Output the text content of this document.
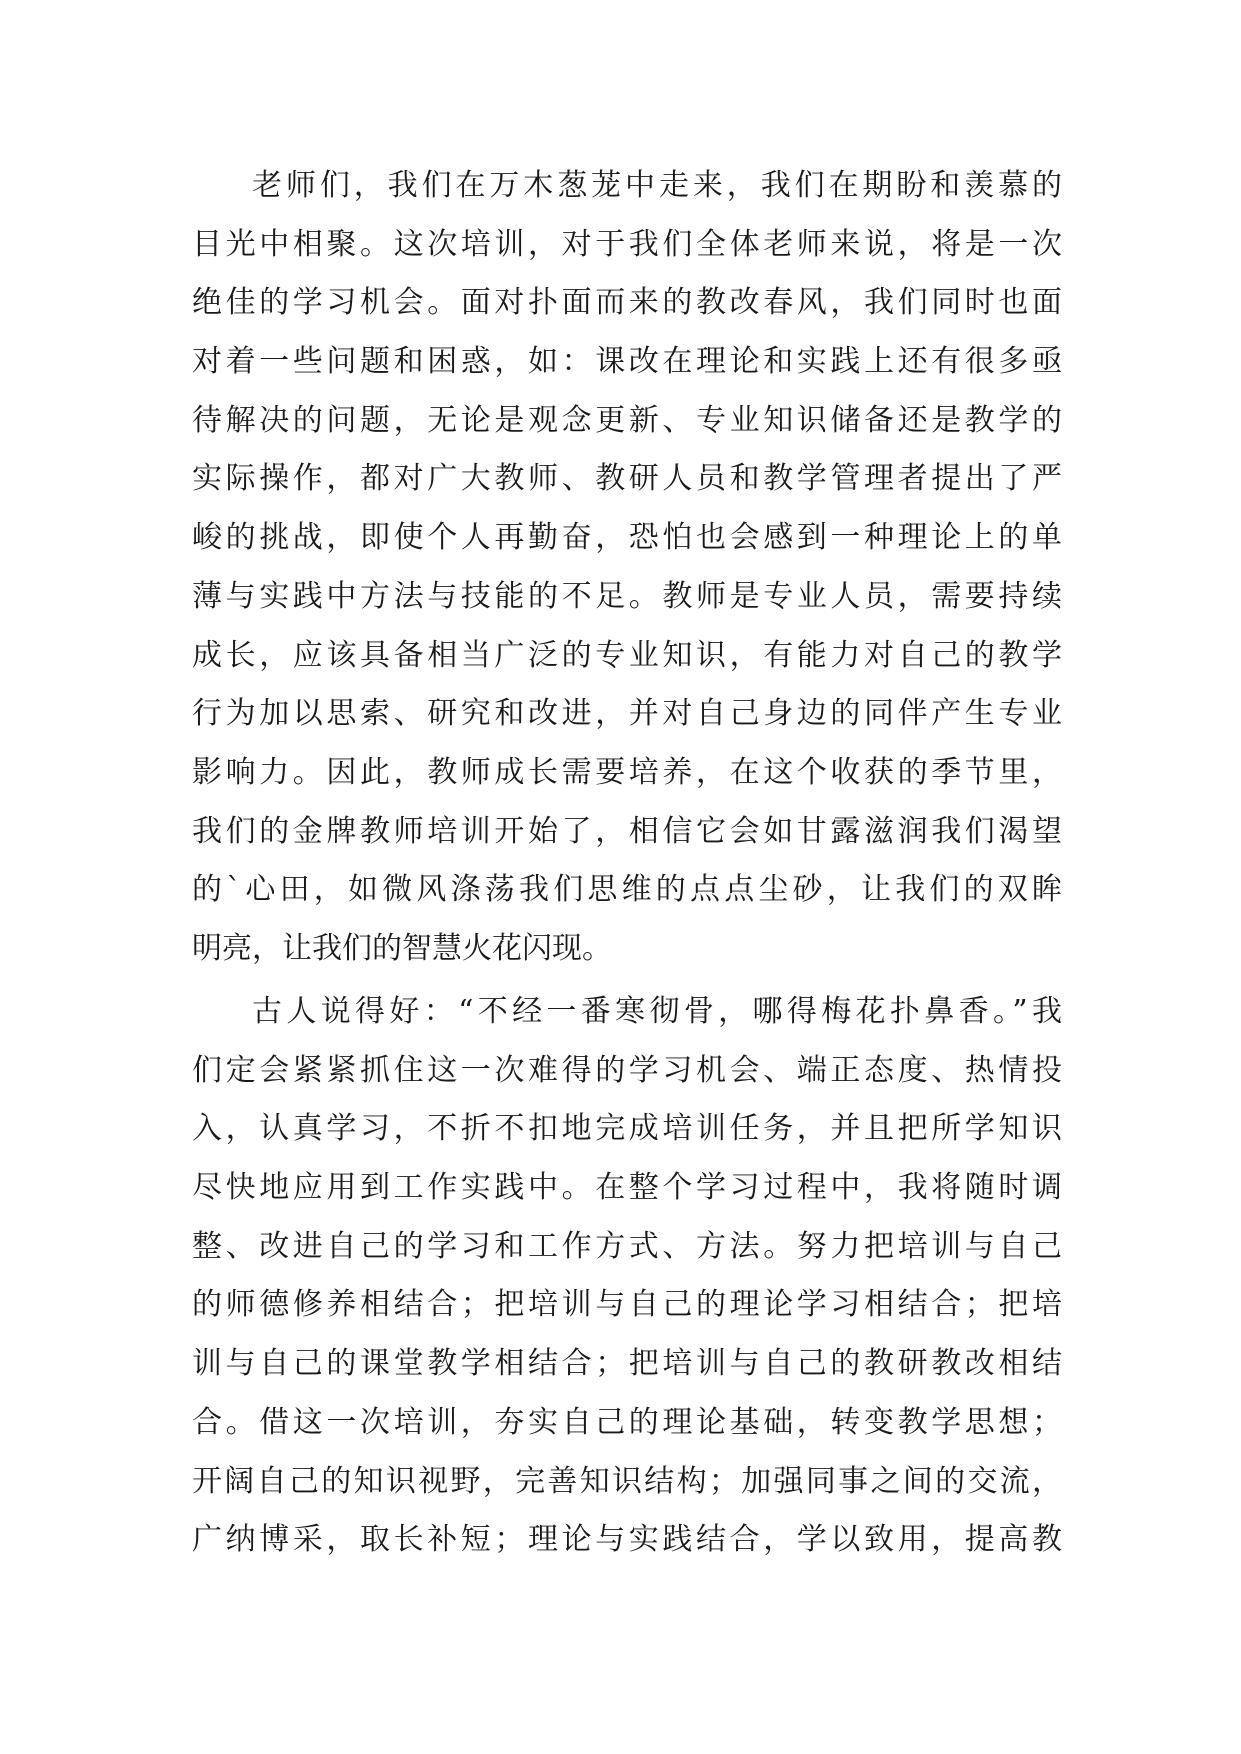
老师们，我们在万木葱茏中走来，我们在期盼和羡慕的
目光中相聚。这次培训，对于我们全体老师来说，将是一次
绝佳的学习机会。面对扑面而来的教改春风，我们同时也面
对着一些问题和困惑，如：课改在理论和实践上还有很多亟
待解决的问题，无论是观念更新、专业知识储备还是教学的
实际操作，都对广大教师、教研人员和教学管理者提出了严
峻的挑战，即使个人再勤奋，恐怕也会感到一种理论上的单
薄与实践中方法与技能的不足。教师是专业人员，需要持续
成长，应该具备相当广泛的专业知识，有能力对自己的教学
行为加以思索、研究和改进，并对自己身边的同伴产生专业
影响力。因此，教师成长需要培养，在这个收获的季节里，
我们的金牌教师培训开始了，相信它会如甘露滋润我们渴望
的`心田，如微风涤荡我们思维的点点尘砂，让我们的双眸
明亮，让我们的智慧火花闪现。
古人说得好：“不经一番寒彻骨，哪得梅花扑鼻香。”我
们定会紧紧抓住这一次难得的学习机会、端正态度、热情投
入，认真学习，不折不扣地完成培训任务，并且把所学知识
尽快地应用到工作实践中。在整个学习过程中，我将随时调
整、改进自己的学习和工作方式、方法。努力把培训与自己
的师德修养相结合；把培训与自己的理论学习相结合；把培
训与自己的课堂教学相结合；把培训与自己的教研教改相结
合。借这一次培训，夯实自己的理论基础，转变教学思想；
开阔自己的知识视野，完善知识结构；加强同事之间的交流，
广纳博采，取长补短；理论与实践结合，学以致用，提高教
